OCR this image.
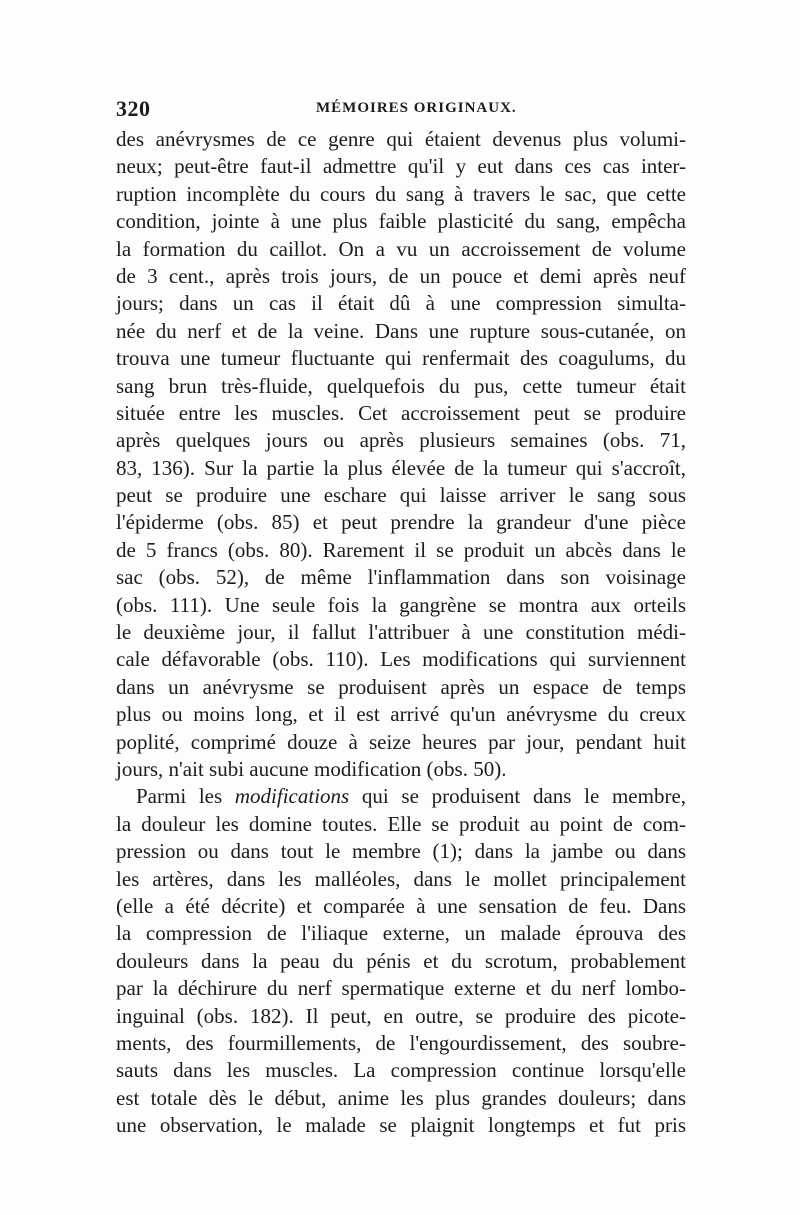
320	MÉMOIRES ORIGINAUX.
des anévrysmes de ce genre qui étaient devenus plus volumi-
neux; peut-être faut-il admettre qu'il y eut dans ces cas inter-
ruption incomplète du cours du sang à travers le sac, que cette
condition, jointe à une plus faible plasticité du sang, empêcha
la formation du caillot. On a vu un accroissement de volume
de 3 cent., après trois jours, de un pouce et demi après neuf
jours; dans un cas il était dû à une compression simulta-
née du nerf et de la veine. Dans une rupture sous-cutanée, on
trouva une tumeur fluctuante qui renfermait des coagulums, du
sang brun très-fluide, quelquefois du pus, cette tumeur était
située entre les muscles. Cet accroissement peut se produire
après quelques jours ou après plusieurs semaines (obs. 71,
83, 136). Sur la partie la plus élevée de la tumeur qui s'accroît,
peut se produire une eschare qui laisse arriver le sang sous
l'épiderme (obs. 85) et peut prendre la grandeur d'une pièce
de 5 francs (obs. 80). Rarement il se produit un abcès dans le
sac (obs. 52), de même l'inflammation dans son voisinage
(obs. 111). Une seule fois la gangrène se montra aux orteils
le deuxième jour, il fallut l'attribuer à une constitution médi-
cale défavorable (obs. 110). Les modifications qui surviennent
dans un anévrysme se produisent après un espace de temps
plus ou moins long, et il est arrivé qu'un anévrysme du creux
poplité, comprimé douze à seize heures par jour, pendant huit
jours, n'ait subi aucune modification (obs. 50).
Parmi les modifications qui se produisent dans le membre,
la douleur les domine toutes. Elle se produit au point de com-
pression ou dans tout le membre (1); dans la jambe ou dans
les artères, dans les malléoles, dans le mollet principalement
(elle a été décrite) et comparée à une sensation de feu. Dans
la compression de l'iliaque externe, un malade éprouva des
douleurs dans la peau du pénis et du scrotum, probablement
par la déchirure du nerf spermatique externe et du nerf lombo-
inguinal (obs. 182). Il peut, en outre, se produire des picote-
ments, des fourmillements, de l'engourdissement, des soubre-
sauts dans les muscles. La compression continue lorsqu'elle
est totale dès le début, anime les plus grandes douleurs; dans
une observation, le malade se plaignit longtemps et fut pris
